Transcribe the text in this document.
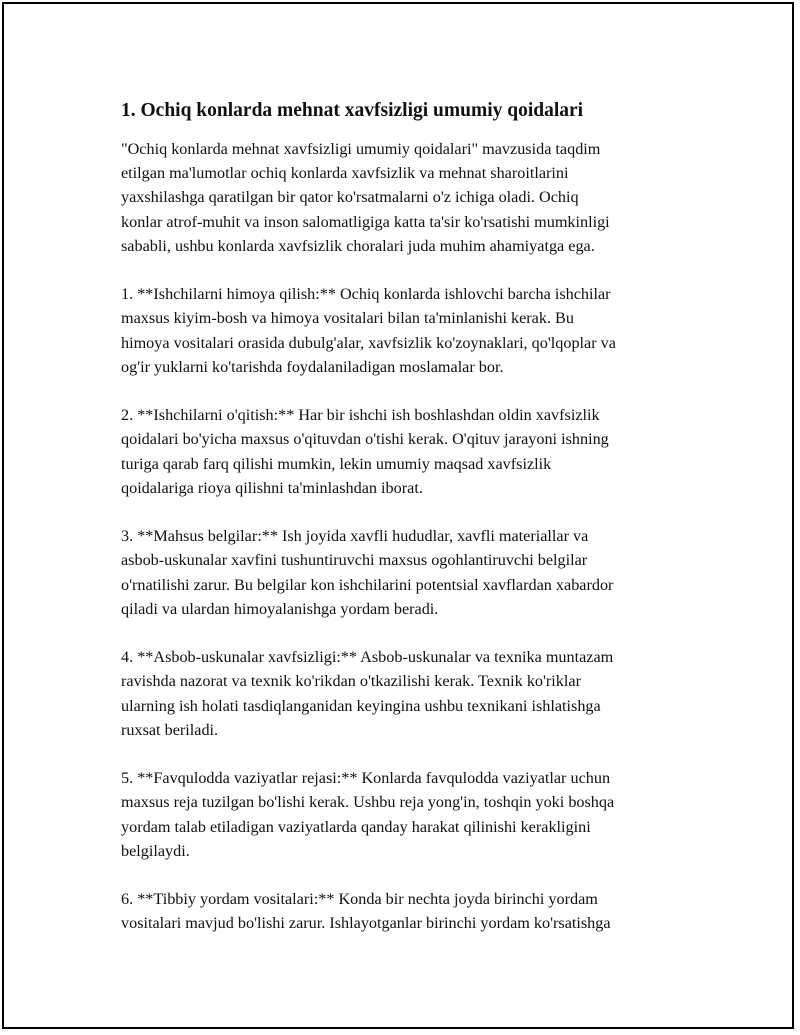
1. Ochiq konlarda mehnat xavfsizligi umumiy qoidalari

"Ochiq konlarda mehnat xavfsizligi umumiy qoidalari" mavzusida taqdim
etilgan ma'lumotlar ochiq konlarda xavfsizlik va mehnat sharoitlarini
yaxshilashga qaratilgan bir qator ko'rsatmalarni o'z ichiga oladi. Ochiq
konlar atrof-muhit va inson salomatligiga katta ta'sir ko'rsatishi mumkinligi
sababli, ushbu konlarda xavfsizlik choralari juda muhim ahamiyatga ega.

1. **Ishchilarni himoya qilish:** Ochiq konlarda ishlovchi barcha ishchilar
maxsus kiyim-bosh va himoya vositalari bilan ta'minlanishi kerak. Bu
himoya vositalari orasida dubulg'alar, xavfsizlik ko'zoynaklari, qo'lqoplar va
og'ir yuklarni ko'tarishda foydalaniladigan moslamalar bor.

2. **Ishchilarni o'qitish:** Har bir ishchi ish boshlashdan oldin xavfsizlik
qoidalari bo'yicha maxsus o'qituvdan o'tishi kerak. O'qituv jarayoni ishning
turiga qarab farq qilishi mumkin, lekin umumiy maqsad xavfsizlik
qoidalariga rioya qilishni ta'minlashdan iborat.

3. **Mahsus belgilar:** Ish joyida xavfli hududlar, xavfli materiallar va
asbob-uskunalar xavfini tushuntiruvchi maxsus ogohlantiruvchi belgilar
o'rnatilishi zarur. Bu belgilar kon ishchilarini potentsial xavflardan xabardor
qiladi va ulardan himoyalanishga yordam beradi.

4. **Asbob-uskunalar xavfsizligi:** Asbob-uskunalar va texnika muntazam
ravishda nazorat va texnik ko'rikdan o'tkazilishi kerak. Texnik ko'riklar
ularning ish holati tasdiqlanganidan keyingina ushbu texnikani ishlatishga
ruxsat beriladi.

5. **Favqulodda vaziyatlar rejasi:** Konlarda favqulodda vaziyatlar uchun
maxsus reja tuzilgan bo'lishi kerak. Ushbu reja yong'in, toshqin yoki boshqa
yordam talab etiladigan vaziyatlarda qanday harakat qilinishi kerakligini
belgilaydi.

6. **Tibbiy yordam vositalari:** Konda bir nechta joyda birinchi yordam
vositalari mavjud bo'lishi zarur. Ishlayotganlar birinchi yordam ko'rsatishga
